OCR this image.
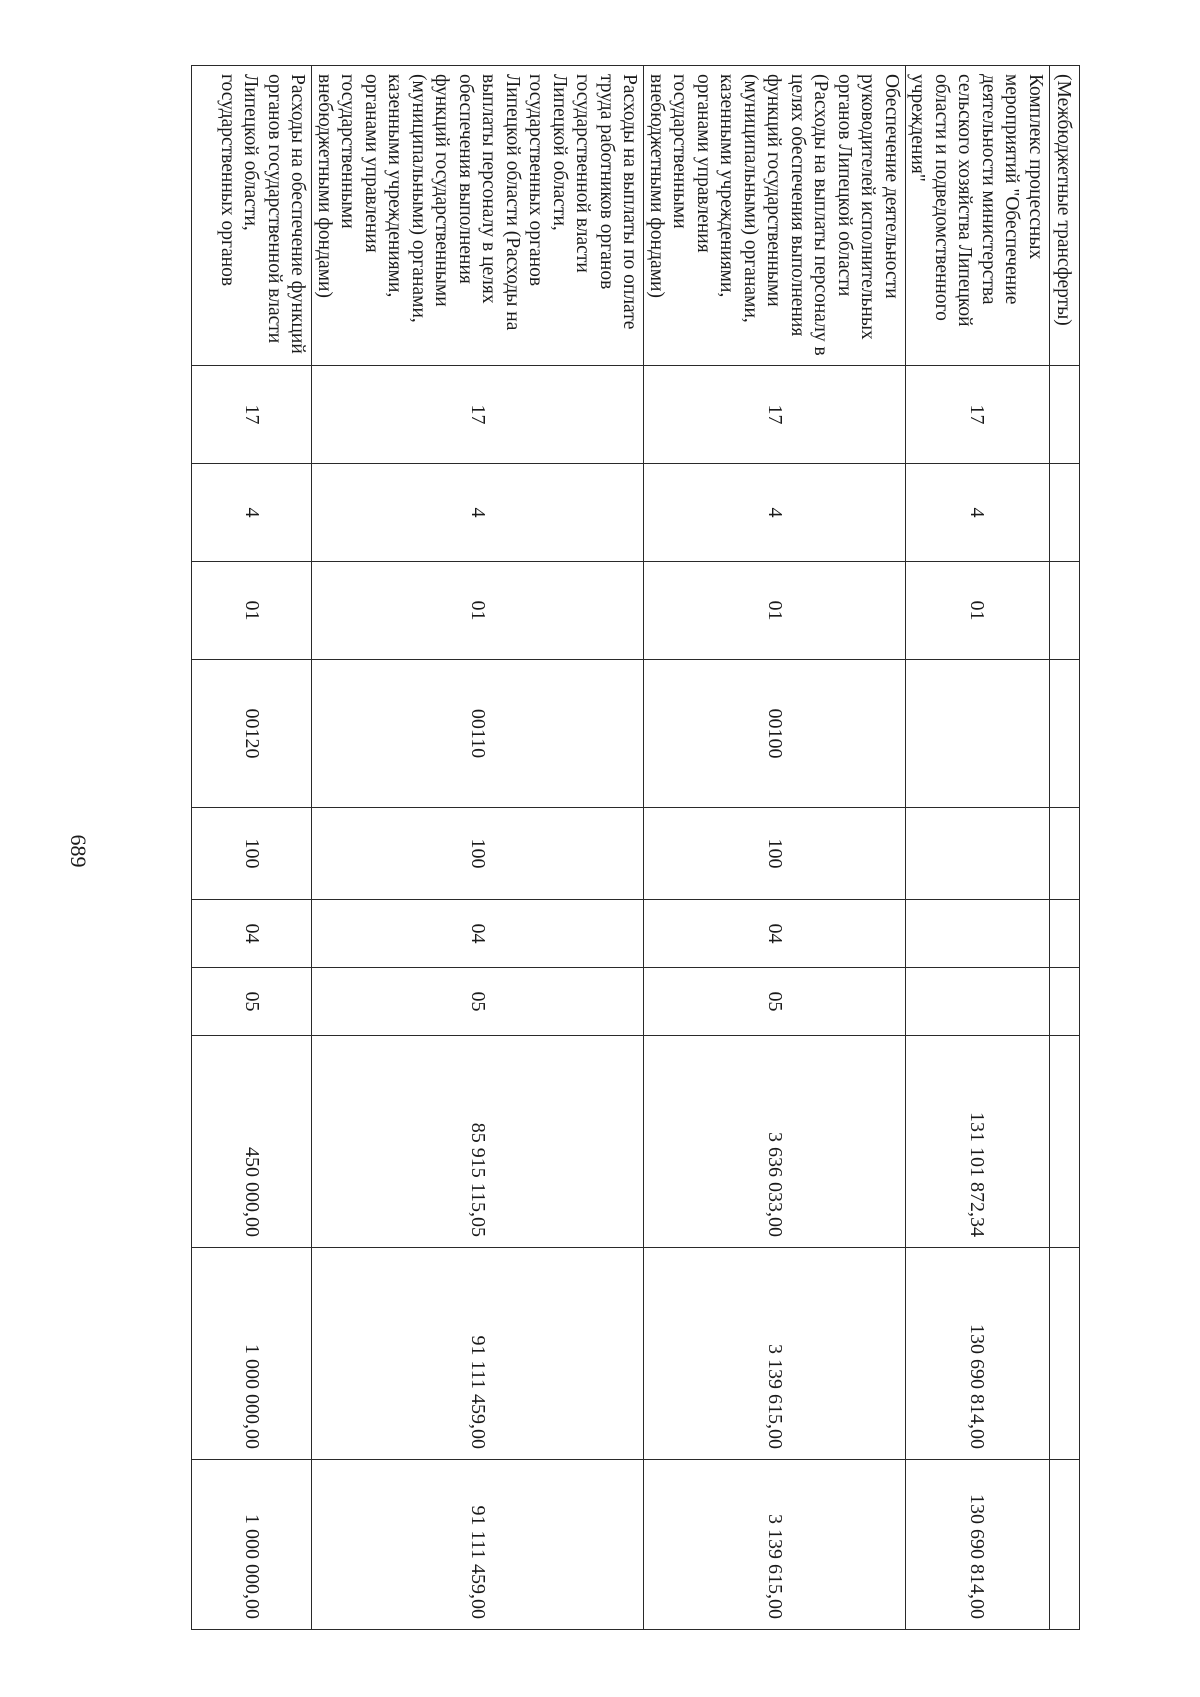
689
(Межбюджетные трансферты)										
Комплекс процессных мероприятий "Обеспечение деятельности министерства сельского хозяйства Липецкой области и подведомственного учреждения"	17	4	01					131 101 872,34	130 690 814,00	130 690 814,00
Обеспечение деятельности руководителей исполнительных органов Липецкой области (Расходы на выплаты персоналу в целях обеспечения выполнения функций государственными (муниципальными) органами, казенными учреждениями, органами управления государственными внебюджетными фондами)	17	4	01	00100	100	04	05	3 636 033,00	3 139 615,00	3 139 615,00
Расходы на выплаты по оплате труда работников органов государственной власти Липецкой области, государственных органов Липецкой области (Расходы на выплаты персоналу в целях обеспечения выполнения функций государственными (муниципальными) органами, казенными учреждениями, органами управления государственными внебюджетными фондами)	17	4	01	00110	100	04	05	85 915 115,05	91 111 459,00	91 111 459,00
Расходы на обеспечение функций органов государственной власти Липецкой области, государственных органов	17	4	01	00120	100	04	05	450 000,00	1 000 000,00	1 000 000,00
